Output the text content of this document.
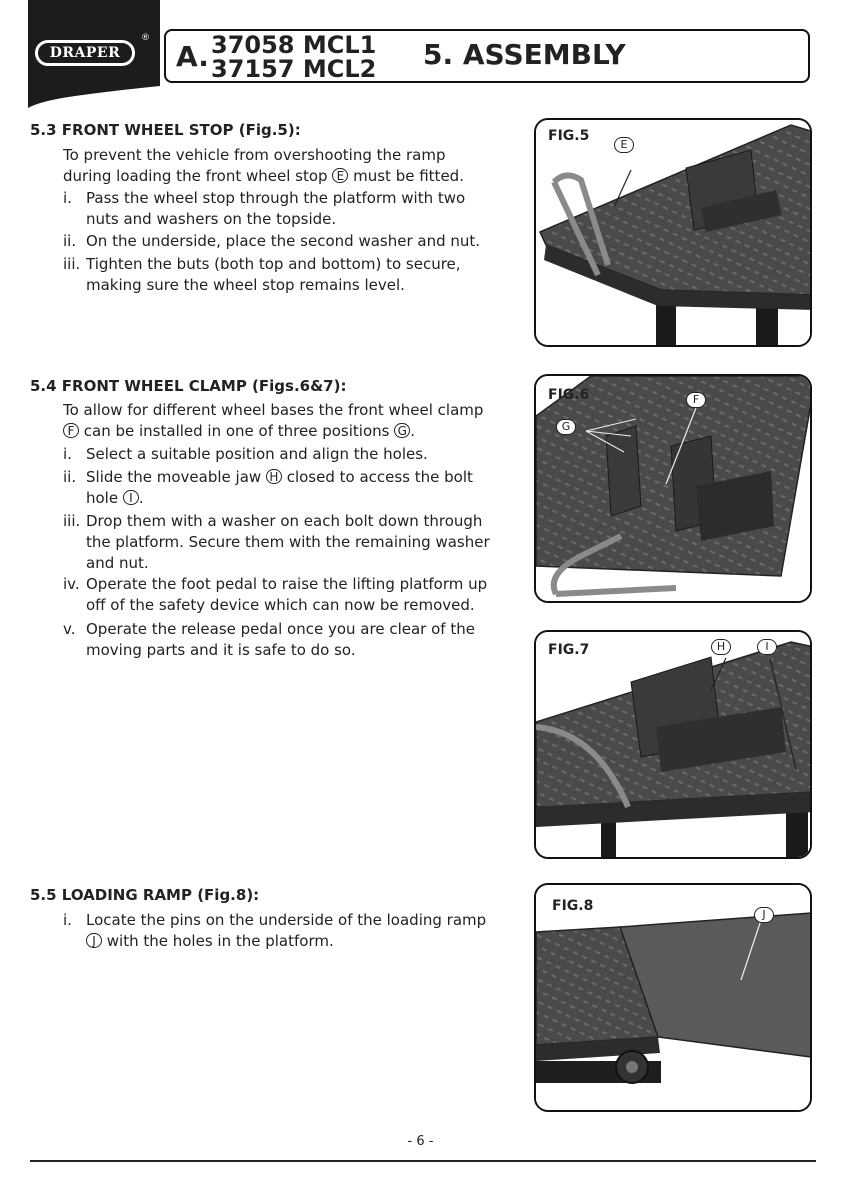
DRAPER
®
A. 37058 MCL1
37157 MCL2 5. ASSEMBLY
5.3 FRONT WHEEL STOP (Fig.5):
To prevent the vehicle from overshooting the ramp
during loading the front wheel stop E must be fitted.
i. Pass the wheel stop through the platform with two
nuts and washers on the topside.
ii. On the underside, place the second washer and nut.
iii. Tighten the buts (both top and bottom) to secure,
making sure the wheel stop remains level.
5.4 FRONT WHEEL CLAMP (Figs.6&7):
To allow for different wheel bases the front wheel clamp
F can be installed in one of three positions G .
i. Select a suitable position and align the holes.
ii. Slide the moveable jaw H closed to access the bolt
hole I .
iii. Drop them with a washer on each bolt down through
the platform. Secure them with the remaining washer
and nut.
iv. Operate the foot pedal to raise the lifting platform up
off of the safety device which can now be removed.
v. Operate the release pedal once you are clear of the
moving parts and it is safe to do so.
5.5 LOADING RAMP (Fig.8):
i. Locate the pins on the underside of the loading ramp
J with the holes in the platform.
FIG.5
E
FIG.6	F
G
FIG.7	H	I
FIG.8
J
- 6 -
